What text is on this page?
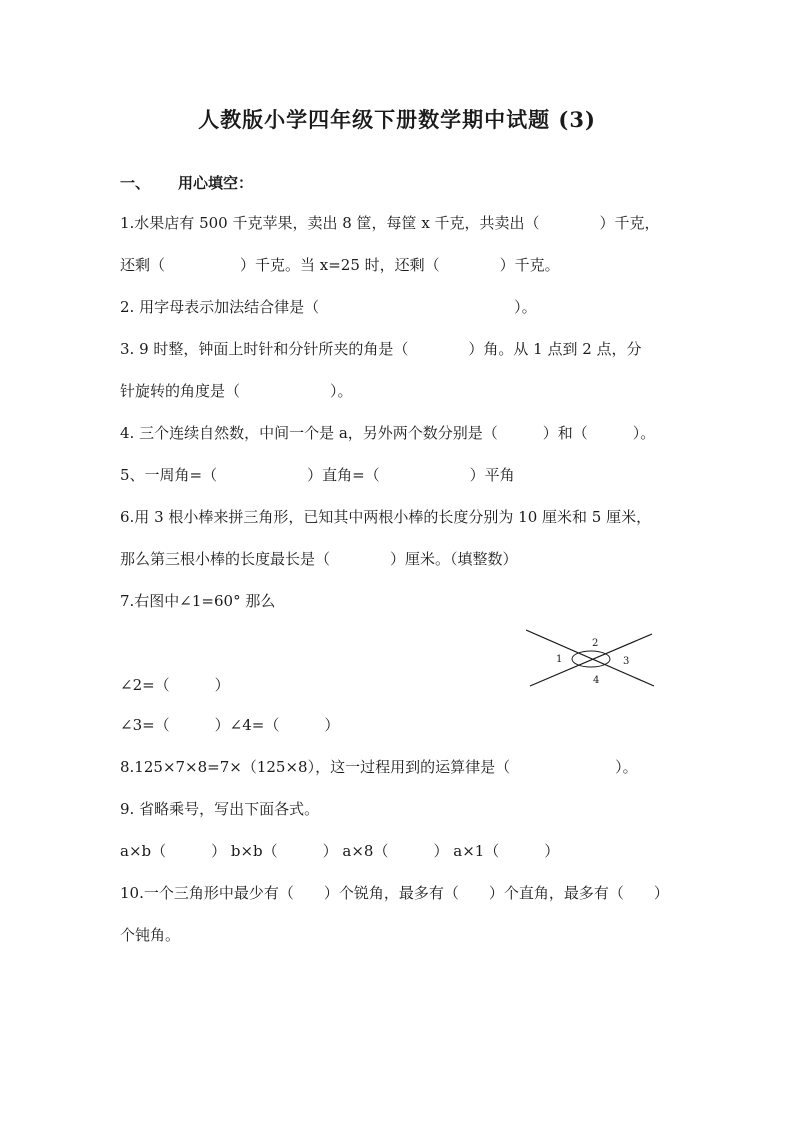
人教版小学四年级下册数学期中试题 (3)
一、 用心填空：
1.水果店有 500 千克苹果，卖出 8 筐，每筐 x 千克，共卖出（　　　　）千克，
还剩（　　　　　）千克。当 x=25 时，还剩（　　　　）千克。
2. 用字母表示加法结合律是（　　　　　　　　　　　　　）。
3. 9 时整，钟面上时针和分针所夹的角是（　　　　）角。从 1 点到 2 点，分
针旋转的角度是（　　　　　　）。
4. 三个连续自然数，中间一个是 a，另外两个数分别是（　　　）和（　　　）。
5、一周角=（　　　　　　）直角=（　　　　　　）平角
6.用 3 根小棒来拼三角形，已知其中两根小棒的长度分别为 10 厘米和 5 厘米，
那么第三根小棒的长度最长是（　　　　）厘米。（填整数）
7.右图中∠1=60° 那么
∠2=（　　　）
∠3=（　　　）∠4=（　　　）
8.125×7×8=7×（125×8），这一过程用到的运算律是（　　　　　　　）。
9. 省略乘号，写出下面各式。
a×b（　　　） b×b（　　　） a×8（　　　） a×1（　　　）
10.一个三角形中最少有（　　）个锐角，最多有（　　）个直角，最多有（　　）
个钝角。
1
2
3
4
